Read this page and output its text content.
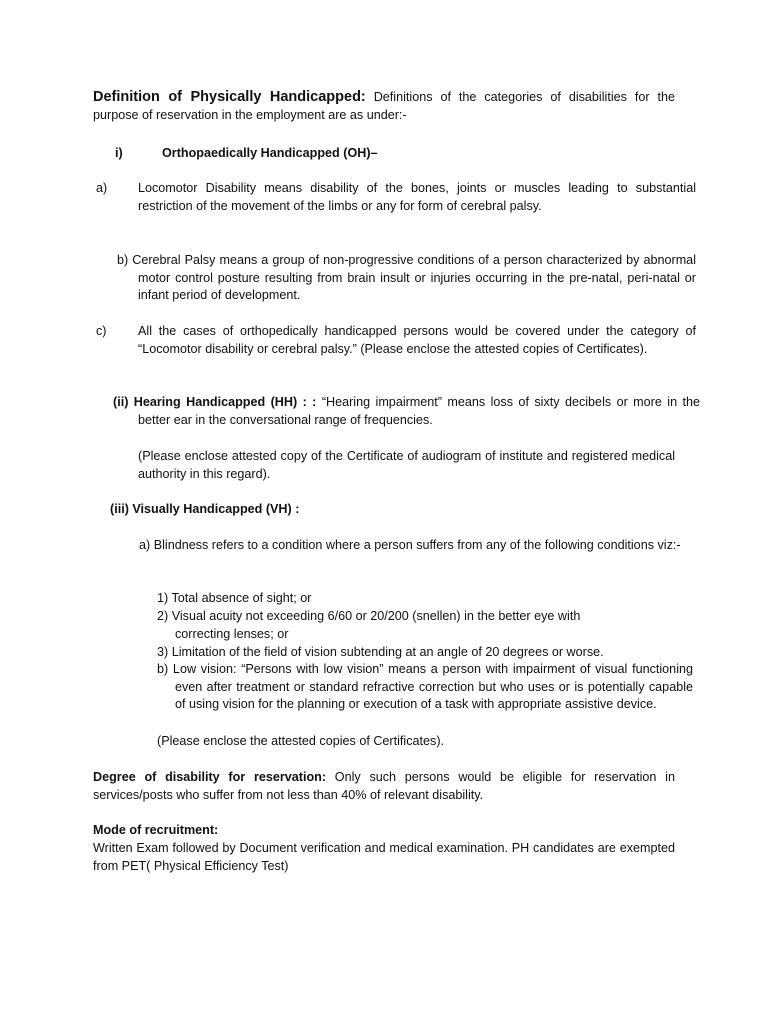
Definition of Physically Handicapped: Definitions of the categories of disabilities for the purpose of reservation in the employment are as under:-

i)	Orthopaedically Handicapped (OH)–

a) Locomotor Disability means disability of the bones, joints or muscles leading to substantial restriction of the movement of the limbs or any for form of cerebral palsy.

b) Cerebral Palsy means a group of non-progressive conditions of a person characterized by abnormal motor control posture resulting from brain insult or injuries occurring in the pre-natal, peri-natal or infant period of development.

c)	All the cases of orthopedically handicapped persons would be covered under the category of “Locomotor disability or cerebral palsy.” (Please enclose the attested copies of Certificates).

(ii) Hearing Handicapped (HH) : : “Hearing impairment” means loss of sixty decibels or more in the better ear in the conversational range of frequencies.

(Please enclose attested copy of the Certificate of audiogram of institute and registered medical authority in this regard).

(iii) Visually Handicapped (VH) :

a) Blindness refers to a condition where a person suffers from any of the following conditions viz:-

1) Total absence of sight; or

2) Visual acuity not exceeding 6/60 or 20/200 (snellen) in the better eye with correcting lenses; or

3) Limitation of the field of vision subtending at an angle of 20 degrees or worse.

b) Low vision: “Persons with low vision” means a person with impairment of visual functioning even after treatment or standard refractive correction but who uses or is potentially capable of using vision for the planning or execution of a task with appropriate assistive device.

(Please enclose the attested copies of Certificates).

Degree of disability for reservation: Only such persons would be eligible for reservation in services/posts who suffer from not less than 40% of relevant disability.

Mode of recruitment:

Written Exam followed by Document verification and medical examination. PH candidates are exempted from PET( Physical Efficiency Test)
